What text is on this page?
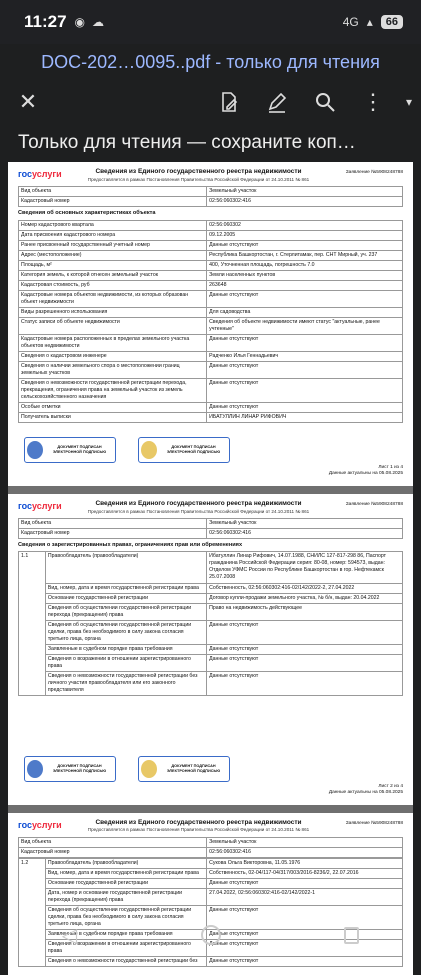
11:27 ◉ ☁	4G ▴	66
DOC-202…0095..pdf - только для чтения
✕	⋮	▾
Только для чтения — сохраните коп…
госуслуги	Сведения из Единого государственного реестра недвижимости
Предоставляется в рамках Постановления Правительства Российской Федерации от 24.10.2011 № 861
Заявление №5908248788
Вид объекта	Земельный участок
Кадастровый номер	02:56:060302:416
Сведения об основных характеристиках объекта
Номер кадастрового квартала	02:56:060302
Дата присвоения кадастрового номера	09.12.2005
Ранее присвоенный государственный учетный номер	Данные отсутствуют
Адрес (местоположение)	Республика Башкортостан, г. Стерлитамак, пер. СНТ Мирный, уч. 237
Площадь, м²	400, Уточненная площадь, погрешность 7.0
Категория земель, к которой отнесен земельный участок	Земли населенных пунктов
Кадастровая стоимость, руб	263648
Кадастровые номера объектов недвижимости, из которых образован объект недвижимости	Данные отсутствуют
Виды разрешенного использования	Для садоводства
Статус записи об объекте недвижимости	Сведения об объекте недвижимости имеют статус "актуальные, ранее учтенные"
Кадастровые номера расположенных в пределах земельного участка объектов недвижимости	Данные отсутствуют
Сведения о кадастровом инженере	Радченко Илья Геннадьевич
Сведения о наличии земельного спора о местоположении границ земельных участков	Данные отсутствуют
Сведения о невозможности государственной регистрации перехода, прекращения, ограничения права на земельный участок из земель сельскохозяйственного назначения	Данные отсутствуют
Особые отметки	Данные отсутствуют
Получатель выписки	ИБАТУЛЛИН ЛИНАР РИФОВИЧ
ДОКУМЕНТ ПОДПИСАН ЭЛЕКТРОННОЙ ПОДПИСЬЮ
ДОКУМЕНТ ПОДПИСАН ЭЛЕКТРОННОЙ ПОДПИСЬЮ
Лист 1 из 4
Данные актуальны на 05.08.2025
госуслуги	Сведения из Единого государственного реестра недвижимости
Предоставляется в рамках Постановления Правительства Российской Федерации от 24.10.2011 № 861
Заявление №5908248788
Вид объекта	Земельный участок
Кадастровый номер	02:56:060302:416
Сведения о зарегистрированных правах, ограничениях прав или обременениях
1.1	Правообладатель (правообладатели)	Ибатуллин Линар Рифович, 14.07.1988, СНИЛС 127-817-298 86, Паспорт гражданина Российской Федерации серия: 80-08, номер: 594573, выдан: Отделом УФМС России по Республике Башкортостан в гор. Нефтекамск 25.07.2008
	Вид, номер, дата и время государственной регистрации права	Собственность, 02:56:060302:416-02/142/2022-2, 27.04.2022
	Основание государственной регистрации	Договор купли-продажи земельного участка, № б/н, выдан: 20.04.2022
	Сведения об осуществлении государственной регистрации перехода (прекращения) права	Право на недвижимость действующее
	Сведения об осуществлении государственной регистрации сделки, права без необходимого в силу закона согласия третьего лица, органа	Данные отсутствуют
	Заявленные в судебном порядке права требования	Данные отсутствуют
	Сведения о возражении в отношении зарегистрированного права	Данные отсутствуют
	Сведения о невозможности государственной регистрации без личного участия правообладателя или его законного представителя	Данные отсутствуют
ДОКУМЕНТ ПОДПИСАН ЭЛЕКТРОННОЙ ПОДПИСЬЮ
ДОКУМЕНТ ПОДПИСАН ЭЛЕКТРОННОЙ ПОДПИСЬЮ
Лист 2 из 4
Данные актуальны на 05.08.2025
госуслуги	Сведения из Единого государственного реестра недвижимости
Предоставляется в рамках Постановления Правительства Российской Федерации от 24.10.2011 № 861
Заявление №5908248788
Вид объекта	Земельный участок
Кадастровый номер	02:56:060302:416
1.2	Правообладатель (правообладатели)	Сукова Ольга Викторовна, 11.05.1976
	Вид, номер, дата и время государственной регистрации права	Собственность, 02-04/117-04/317/003/2016-8236/2, 22.07.2016
	Основание государственной регистрации	Данные отсутствуют
	Дата, номер и основание государственной регистрации перехода (прекращения) права	27.04.2022, 02:56:060302:416-02/142/2022-1
	Сведения об осуществлении государственной регистрации сделки, права без необходимого в силу закона согласия третьего лица, органа	Данные отсутствуют
	Заявленные в судебном порядке права требования	Данные отсутствуют
	Сведения о возражении в отношении зарегистрированного права	Данные отсутствуют
	Сведения о невозможности государственной регистрации без	Данные отсутствуют
◁
